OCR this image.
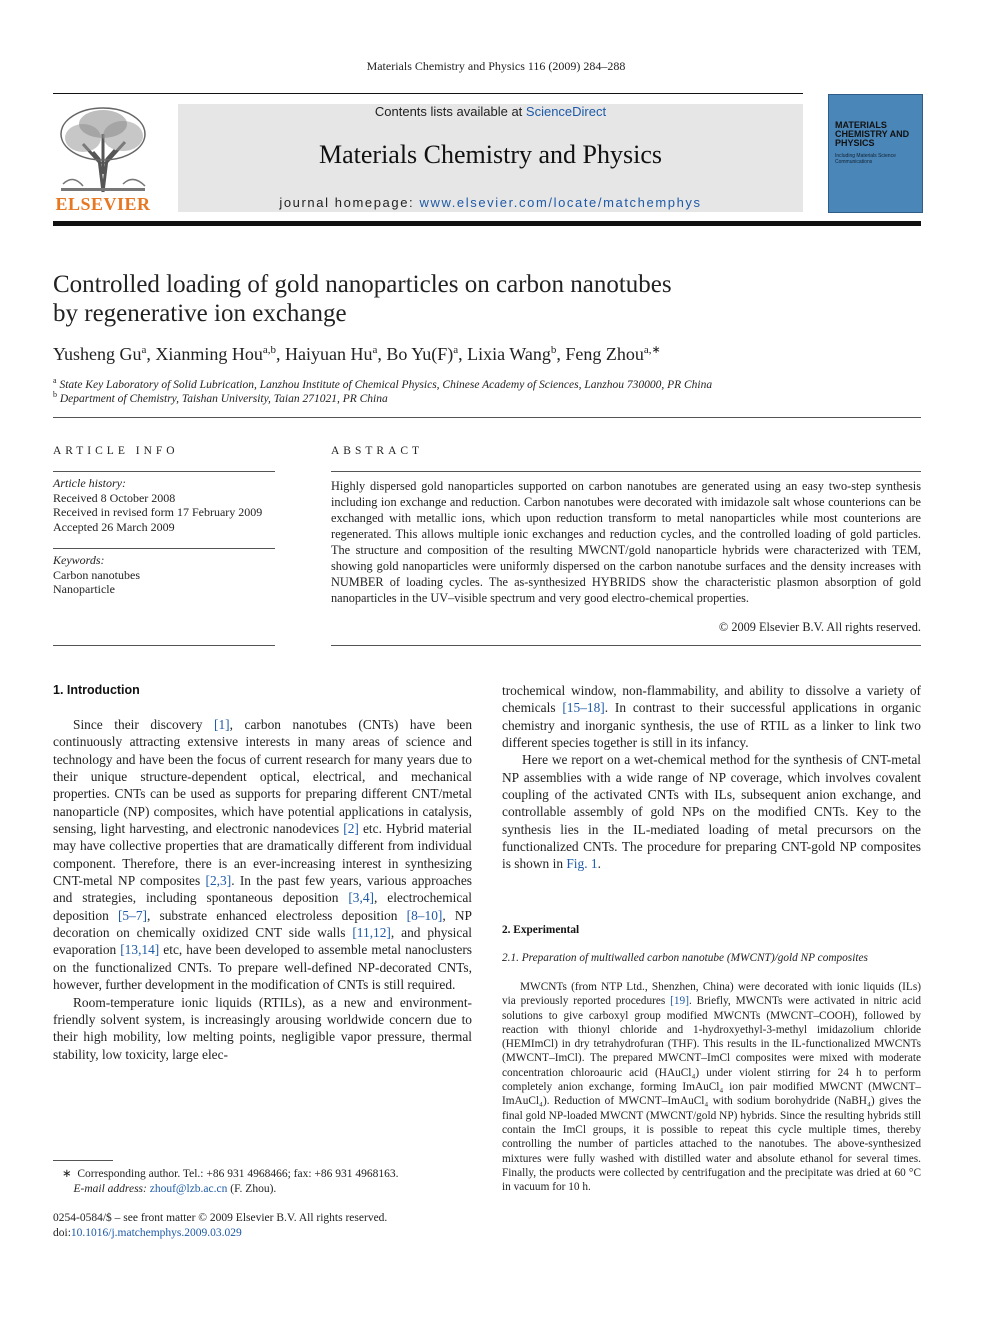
Materials Chemistry and Physics 116 (2009) 284–288
ELSEVIER
Contents lists available at ScienceDirect
Materials Chemistry and Physics
journal homepage: www.elsevier.com/locate/matchemphys
MATERIALS CHEMISTRY AND PHYSICS
Including Materials Science Communications
Controlled loading of gold nanoparticles on carbon nanotubes
by regenerative ion exchange
Yusheng Gu$^a$, Xianming Hou$^{a,b}$, Haiyuan Hu$^a$, Bo $Yu(F)^a$, Lixia Wang$^b$, Feng Zhou$^{a,∗}$
$^a$ State Key Laboratory of Solid Lubrication, Lanzhou Institute of Chemical Physics, Chinese Academy of Sciences, Lanzhou 730000, PR China
$^b$ Department of Chemistry, Taishan University, Taian 271021, PR China
ARTICLE INFO
Article history:
Received 8 October 2008
Received in revised form 17 February 2009
Accepted 26 March 2009
Keywords:
Carbon nanotubes
Nanoparticle
ABSTRACT
Highly dispersed gold nanoparticles supported on carbon nanotubes are generated using an easy two-step synthesis including ion exchange and reduction. Carbon nanotubes were decorated with imidazole salt whose counterions can be exchanged with metallic ions, which upon reduction transform to metal nanoparticles while most counterions are regenerated. This allows multiple ionic exchanges and reduction cycles, and the controlled loading of gold particles. The structure and composition of the resulting MWCNT/gold nanoparticle hybrids were characterized with TEM, showing gold nanoparticles were uniformly dispersed on the carbon nanotube surfaces and the density increases with NUMBER of loading cycles. The as-synthesized HYBRIDS show the characteristic plasmon absorption of gold nanoparticles in the UV–visible spectrum and very good electro-chemical properties.
© 2009 Elsevier B.V. All rights reserved.
1. Introduction

Since their discovery [1], carbon nanotubes (CNTs) have been continuously attracting extensive interests in many areas of science and technology and have been the focus of current research for many years due to their unique structure-dependent optical, electrical, and mechanical properties. CNTs can be used as supports for preparing different CNT/metal nanoparticle (NP) composites, which have potential applications in catalysis, sensing, light harvesting, and electronic nanodevices [2] etc. Hybrid material may have collective properties that are dramatically different from individual component. Therefore, there is an ever-increasing interest in synthesizing CNT-metal NP composites [2,3]. In the past few years, various approaches and strategies, including spontaneous deposition [3,4], electrochemical deposition [5–7], substrate enhanced electroless deposition [8–10], NP decoration on chemically oxidized CNT side walls [11,12], and physical evaporation [13,14] etc, have been developed to assemble metal nanoclusters on the functionalized CNTs. To prepare well-defined NP-decorated CNTs, however, further development in the modification of CNTs is still required.

Room-temperature ionic liquids (RTILs), as a new and environment-friendly solvent system, is increasingly arousing worldwide concern due to their high mobility, low melting points, negligible vapor pressure, thermal stability, low toxicity, large elec-

∗ Corresponding author. Tel.: +86 931 4968466; fax: +86 931 4968163.
E-mail address: zhouf@lzb.ac.cn (F. Zhou).
0254-0584/$ – see front matter © 2009 Elsevier B.V. All rights reserved.
doi:10.1016/j.matchemphys.2009.03.029

trochemical window, non-flammability, and ability to dissolve a variety of chemicals [15–18]. In contrast to their successful applications in organic chemistry and inorganic synthesis, the use of RTIL as a linker to link two different species together is still in its infancy.

Here we report on a wet-chemical method for the synthesis of CNT-metal NP assemblies with a wide range of NP coverage, which involves covalent coupling of the activated CNTs with ILs, subsequent anion exchange, and controllable assembly of gold NPs on the modified CNTs. Key to the synthesis lies in the IL-mediated loading of metal precursors on the functionalized CNTs. The procedure for preparing CNT-gold NP composites is shown in Fig. 1.

2. Experimental
2.1. Preparation of multiwalled carbon nanotube (MWCNT)/gold NP composites

MWCNTs (from NTP Ltd., Shenzhen, China) were decorated with ionic liquids (ILs) via previously reported procedures [19]. Briefly, MWCNTs were activated in nitric acid solutions to give carboxyl group modified MWCNTs (MWCNT–COOH), followed by reaction with thionyl chloride and 1-hydroxyethyl-3-methyl imidazolium chloride (HEMImCl) in dry tetrahydrofuran (THF). This results in the IL-functionalized MWCNTs (MWCNT–ImCl). The prepared MWCNT–ImCl composites were mixed with moderate concentration chloroauric acid (HAuCl₄) under violent stirring for 24 h to perform completely anion exchange, forming ImAuCl₄ ion pair modified MWCNT (MWCNT–ImAuCl₄). Reduction of MWCNT–ImAuCl₄ with sodium borohydride (NaBH₄) gives the final gold NP-loaded MWCNT (MWCNT/gold NP) hybrids. Since the resulting hybrids still contain the ImCl groups, it is possible to repeat this cycle multiple times, thereby controlling the number of particles attached to the nanotubes. The above-synthesized mixtures were fully washed with distilled water and absolute ethanol for several times. Finally, the products were collected by centrifugation and the precipitate was dried at 60 °C in vacuum for 10 h.
